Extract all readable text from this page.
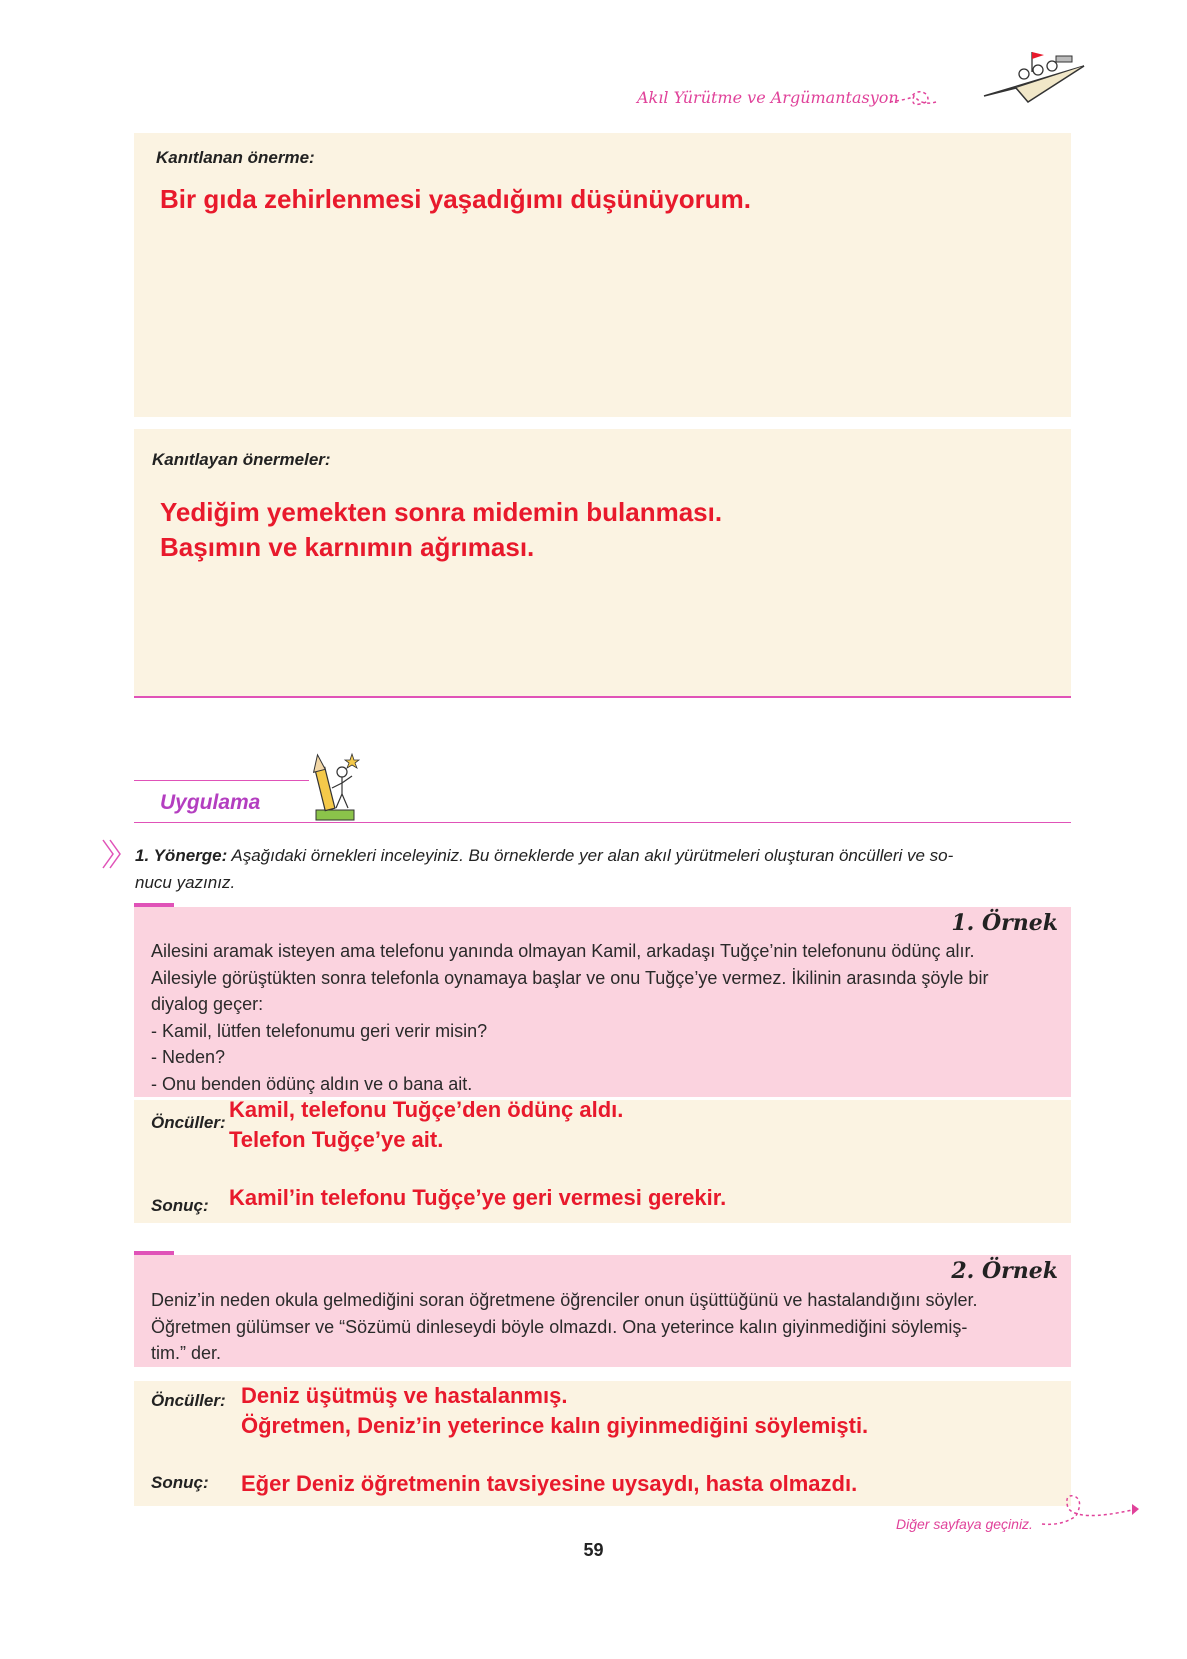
Akıl Yürütme ve Argümantasyon
Kanıtlanan önerme:
Bir gıda zehirlenmesi yaşadığımı düşünüyorum.
Kanıtlayan önermeler:
Yediğim yemekten sonra midemin bulanması.
Başımın ve karnımın ağrıması.
Uygulama
1. Yönerge: Aşağıdaki örnekleri inceleyiniz. Bu örneklerde yer alan akıl yürütmeleri oluşturan öncülleri ve so-
nucu yazınız.
1. Örnek
Ailesini aramak isteyen ama telefonu yanında olmayan Kamil, arkadaşı Tuğçe’nin telefonunu ödünç alır.
Ailesiyle görüştükten sonra telefonla oynamaya başlar ve onu Tuğçe’ye vermez. İkilinin arasında şöyle bir
diyalog geçer:
- Kamil, lütfen telefonumu geri verir misin?
- Neden?
- Onu benden ödünç aldın ve o bana ait.
Öncüller:
Kamil, telefonu Tuğçe’den ödünç aldı.
Telefon Tuğçe’ye ait.
Sonuç: Kamil’in telefonu Tuğçe’ye geri vermesi gerekir.
2. Örnek
Deniz’in neden okula gelmediğini soran öğretmene öğrenciler onun üşüttüğünü ve hastalandığını söyler.
Öğretmen gülümser ve “Sözümü dinleseydi böyle olmazdı. Ona yeterince kalın giyinmediğini söylemiş-
tim.” der.
Öncüller: Deniz üşütmüş ve hastalanmış.
Öğretmen, Deniz’in yeterince kalın giyinmediğini söylemişti.
Sonuç: Eğer Deniz öğretmenin tavsiyesine uysaydı, hasta olmazdı.
Diğer sayfaya geçiniz.
59
